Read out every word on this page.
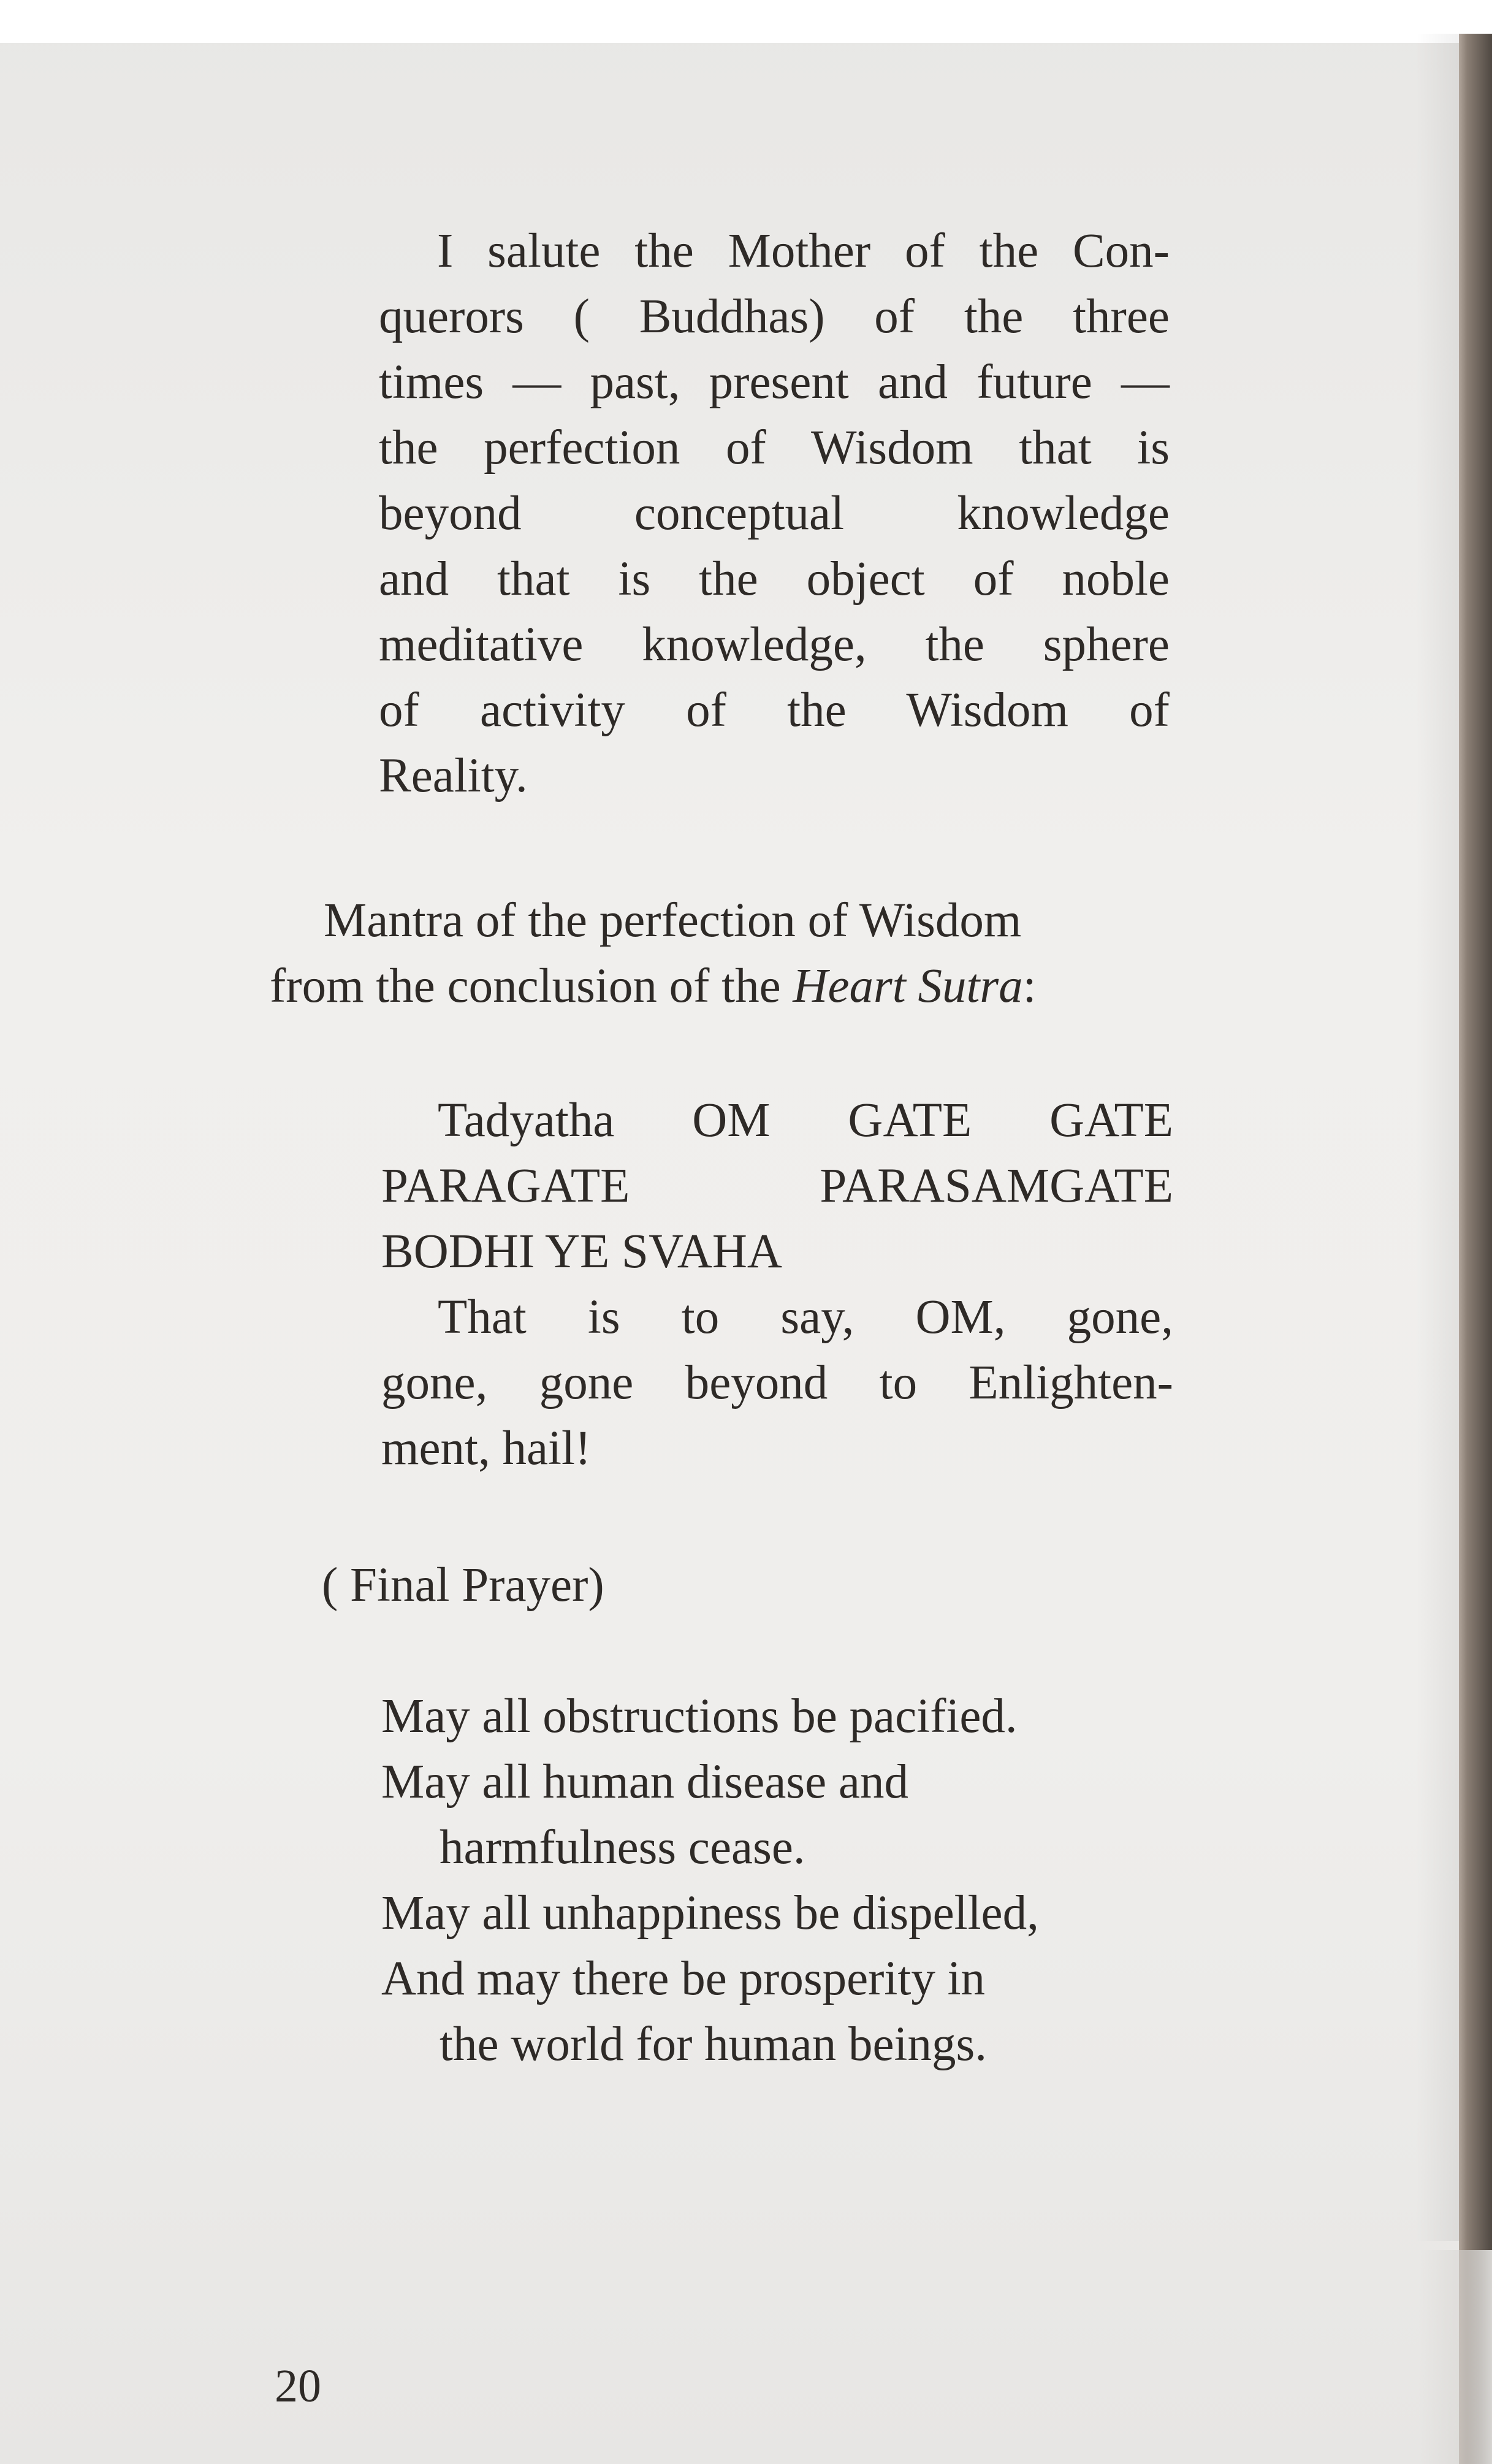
I salute the Mother of the Con-
querors ( Buddhas) of the three
times — past, present and future —
the perfection of Wisdom that is
beyond conceptual knowledge
and that is the object of noble
meditative knowledge, the sphere
of activity of the Wisdom of
Reality.

Mantra of the perfection of Wisdom
from the conclusion of the Heart Sutra:

Tadyatha OM GATE GATE
PARAGATE PARASAMGATE
BODHI YE SVAHA
That is to say, OM, gone,
gone, gone beyond to Enlighten-
ment, hail!

( Final Prayer)

May all obstructions be pacified.
May all human disease and
harmfulness cease.
May all unhappiness be dispelled,
And may there be prosperity in
the world for human beings.

20
